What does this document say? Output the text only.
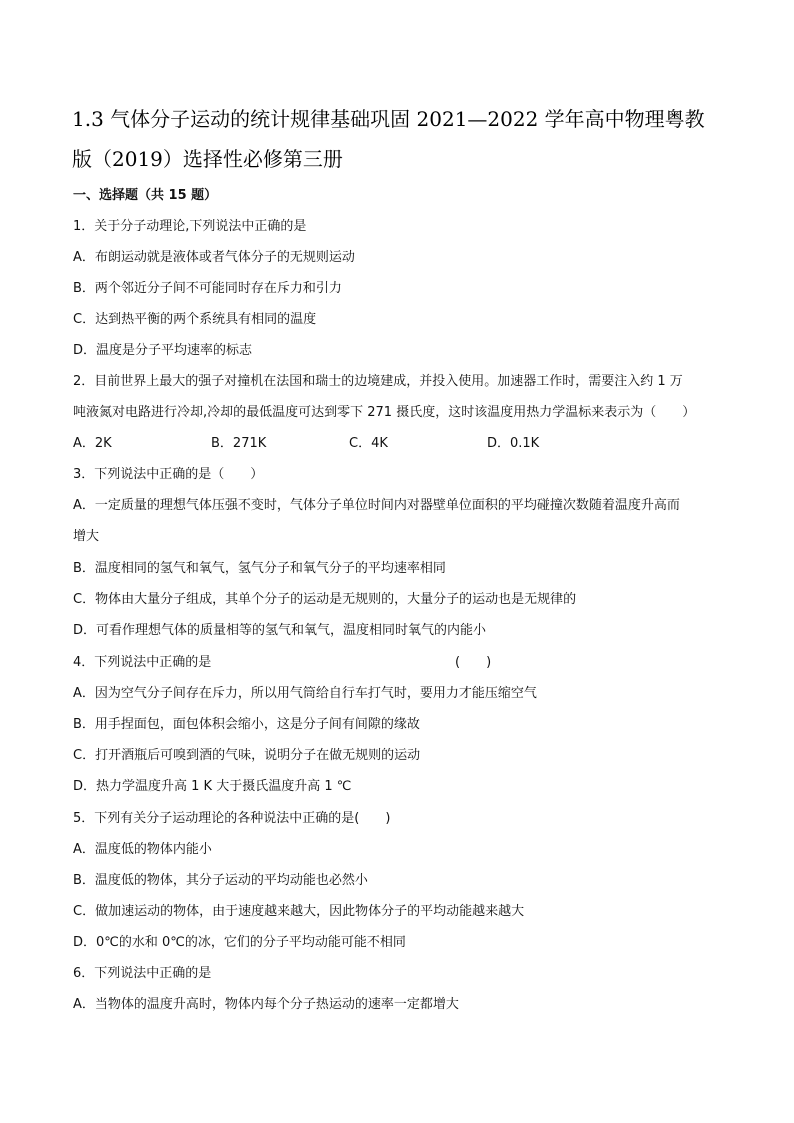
1.3 气体分子运动的统计规律基础巩固 2021—2022 学年高中物理粤教
版（2019）选择性必修第三册
一、选择题（共 15 题）
1．关于分子动理论,下列说法中正确的是
A．布朗运动就是液体或者气体分子的无规则运动
B．两个邻近分子间不可能同时存在斥力和引力
C．达到热平衡的两个系统具有相同的温度
D．温度是分子平均速率的标志
2．目前世界上最大的强子对撞机在法国和瑞士的边境建成，并投入使用。加速器工作时，需要注入约 1 万
吨液氮对电路进行冷却,冷却的最低温度可达到零下 271 摄氏度，这时该温度用热力学温标来表示为（　　）
A．2K	B．271K	C．4K	D．0.1K
3．下列说法中正确的是（　　）
A．一定质量的理想气体压强不变时，气体分子单位时间内对器壁单位面积的平均碰撞次数随着温度升高而
增大
B．温度相同的氢气和氧气，氢气分子和氧气分子的平均速率相同
C．物体由大量分子组成，其单个分子的运动是无规则的，大量分子的运动也是无规律的
D．可看作理想气体的质量相等的氢气和氧气，温度相同时氧气的内能小
4．下列说法中正确的是	(　　)
A．因为空气分子间存在斥力，所以用气筒给自行车打气时，要用力才能压缩空气
B．用手捏面包，面包体积会缩小，这是分子间有间隙的缘故
C．打开酒瓶后可嗅到酒的气味，说明分子在做无规则的运动
D．热力学温度升高 1 K 大于摄氏温度升高 1 ℃
5．下列有关分子运动理论的各种说法中正确的是(　　)
A．温度低的物体内能小
B．温度低的物体，其分子运动的平均动能也必然小
C．做加速运动的物体，由于速度越来越大，因此物体分子的平均动能越来越大
D．0℃的水和 0℃的冰，它们的分子平均动能可能不相同
6．下列说法中正确的是
A．当物体的温度升高时，物体内每个分子热运动的速率一定都增大
